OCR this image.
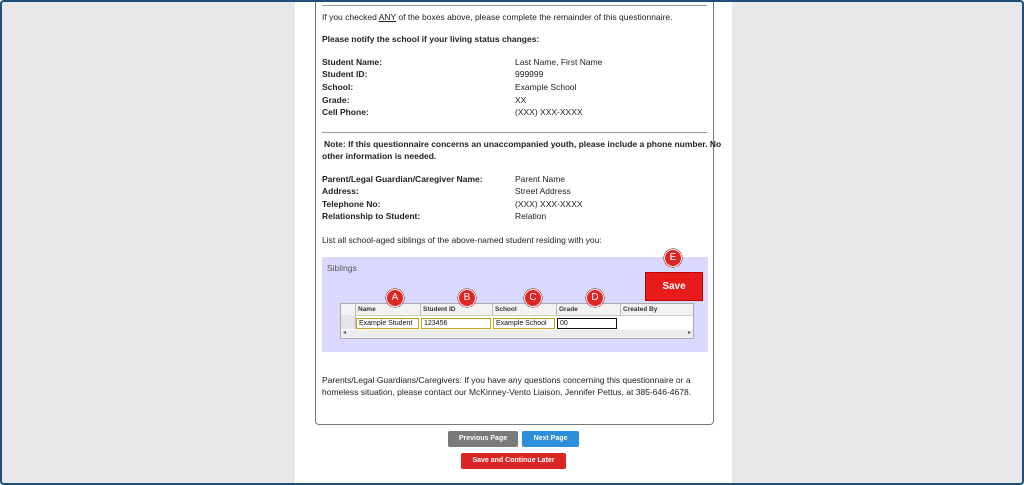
If you checked ANY of the boxes above, please complete the remainder of this questionnaire.
Please notify the school if your living status changes:
Student Name:	Last Name, First Name
Student ID:	999999
School:	Example School
Grade:	XX
Cell Phone:	(XXX) XXX-XXXX
Note: If this questionnaire concerns an unaccompanied youth, please include a phone number. No
other information is needed.
Parent/Legal Guardian/Caregiver Name:	Parent Name
Address:	Street Address
Telephone No:	(XXX) XXX-XXXX
Relationship to Student:	Relation
List all school-aged siblings of the above-named student residing with you:
Siblings
Save
Name	Student ID	School	Grade	Created By
Example Student	123456	Example School	00
◂	▸
A	B	C	D
E
Parents/Legal Guardians/Caregivers: If you have any questions concerning this questionnaire or a
homeless situation, please contact our McKinney-Vento Liaison, Jennifer Pettus, at 385-646-4678.
Previous Page	Next Page
Save and Continue Later
